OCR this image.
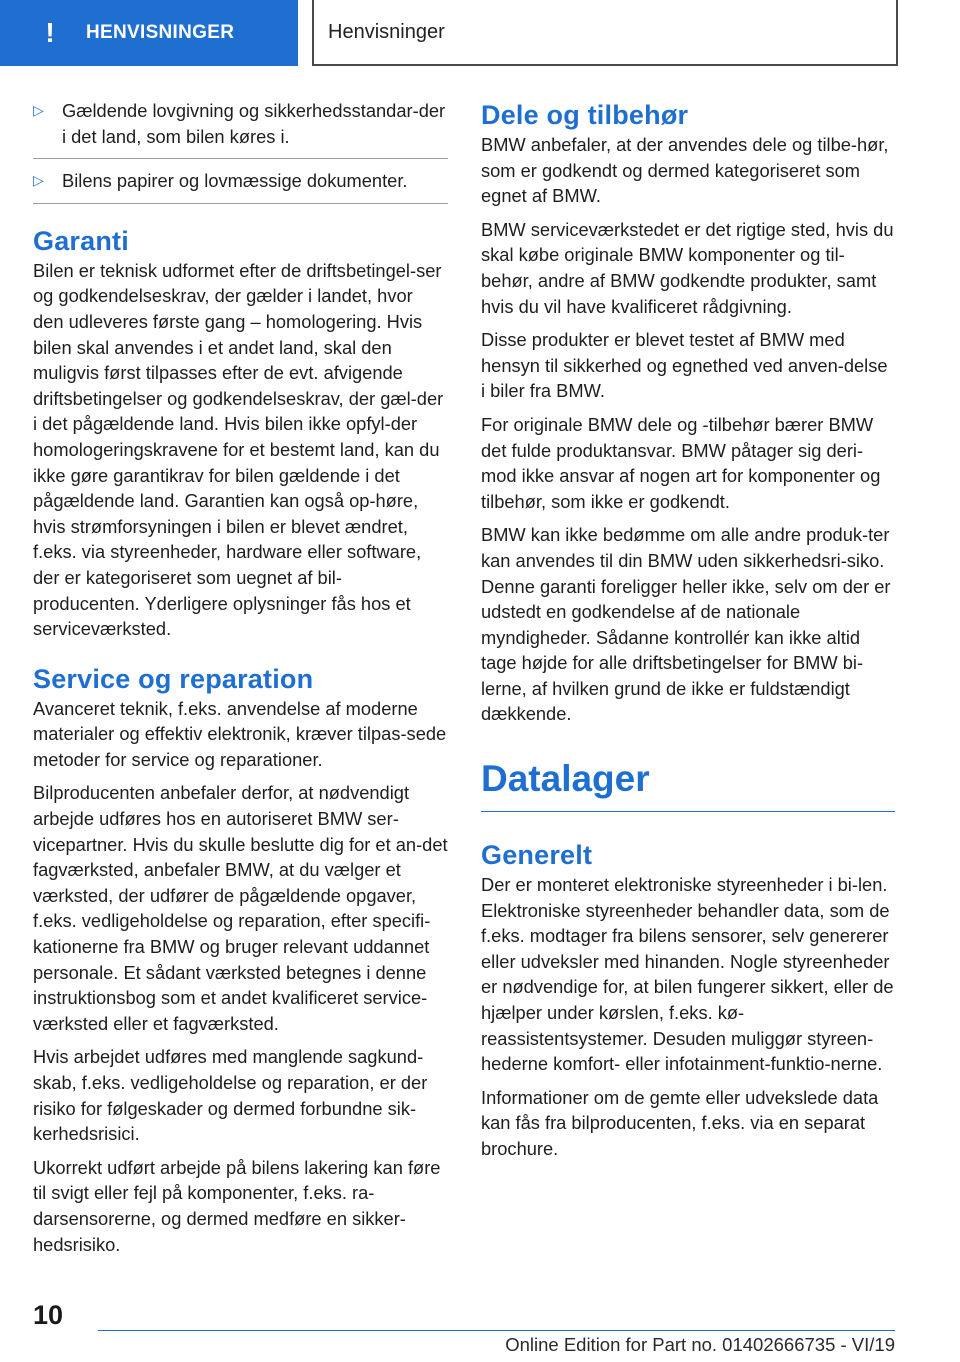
! HENVISNINGER	Henvisninger
▷ Gældende lovgivning og sikkerhedsstandar-der i det land, som bilen køres i.
▷ Bilens papirer og lovmæssige dokumenter.
Garanti

Bilen er teknisk udformet efter de driftsbetingel-ser og godkendelseskrav, der gælder i landet, hvor den udleveres første gang – homologering. Hvis bilen skal anvendes i et andet land, skal den muligvis først tilpasses efter de evt. afvigende driftsbetingelser og godkendelseskrav, der gæl-der i det pågældende land. Hvis bilen ikke opfyl-der homologeringskravene for et bestemt land, kan du ikke gøre garantikrav for bilen gældende i det pågældende land. Garantien kan også op-høre, hvis strømforsyningen i bilen er blevet ændret, f.eks. via styreenheder, hardware eller software, der er kategoriseret som uegnet af bil-producenten. Yderligere oplysninger fås hos et serviceværksted.

Service og reparation

Avanceret teknik, f.eks. anvendelse af moderne materialer og effektiv elektronik, kræver tilpas-sede metoder for service og reparationer.

Bilproducenten anbefaler derfor, at nødvendigt arbejde udføres hos en autoriseret BMW ser-vicepartner. Hvis du skulle beslutte dig for et an-det fagværksted, anbefaler BMW, at du vælger et værksted, der udfører de pågældende opgaver, f.eks. vedligeholdelse og reparation, efter specifi-kationerne fra BMW og bruger relevant uddannet personale. Et sådant værksted betegnes i denne instruktionsbog som et andet kvalificeret service-værksted eller et fagværksted.

Hvis arbejdet udføres med manglende sagkund-skab, f.eks. vedligeholdelse og reparation, er der risiko for følgeskader og dermed forbundne sik-kerhedsrisici.

Ukorrekt udført arbejde på bilens lakering kan føre til svigt eller fejl på komponenter, f.eks. ra-darsensorerne, og dermed medføre en sikker-hedsrisiko.

Dele og tilbehør

BMW anbefaler, at der anvendes dele og tilbe-hør, som er godkendt og dermed kategoriseret som egnet af BMW.

BMW serviceværkstedet er det rigtige sted, hvis du skal købe originale BMW komponenter og til-behør, andre af BMW godkendte produkter, samt hvis du vil have kvalificeret rådgivning.

Disse produkter er blevet testet af BMW med hensyn til sikkerhed og egnethed ved anven-delse i biler fra BMW.

For originale BMW dele og -tilbehør bærer BMW det fulde produktansvar. BMW påtager sig deri-mod ikke ansvar af nogen art for komponenter og tilbehør, som ikke er godkendt.

BMW kan ikke bedømme om alle andre produk-ter kan anvendes til din BMW uden sikkerhedsri-siko. Denne garanti foreligger heller ikke, selv om der er udstedt en godkendelse af de nationale myndigheder. Sådanne kontrollér kan ikke altid tage højde for alle driftsbetingelser for BMW bi-lerne, af hvilken grund de ikke er fuldstændigt dækkende.

Datalager
Generelt

Der er monteret elektroniske styreenheder i bi-len. Elektroniske styreenheder behandler data, som de f.eks. modtager fra bilens sensorer, selv genererer eller udveksler med hinanden. Nogle styreenheder er nødvendige for, at bilen fungerer sikkert, eller de hjælper under kørslen, f.eks. kø-reassistentsystemer. Desuden muliggør styreen-hederne komfort- eller infotainment-funktio-nerne.

Informationer om de gemte eller udvekslede data kan fås fra bilproducenten, f.eks. via en separat brochure.

10
Online Edition for Part no. 01402666735 - VI/19
